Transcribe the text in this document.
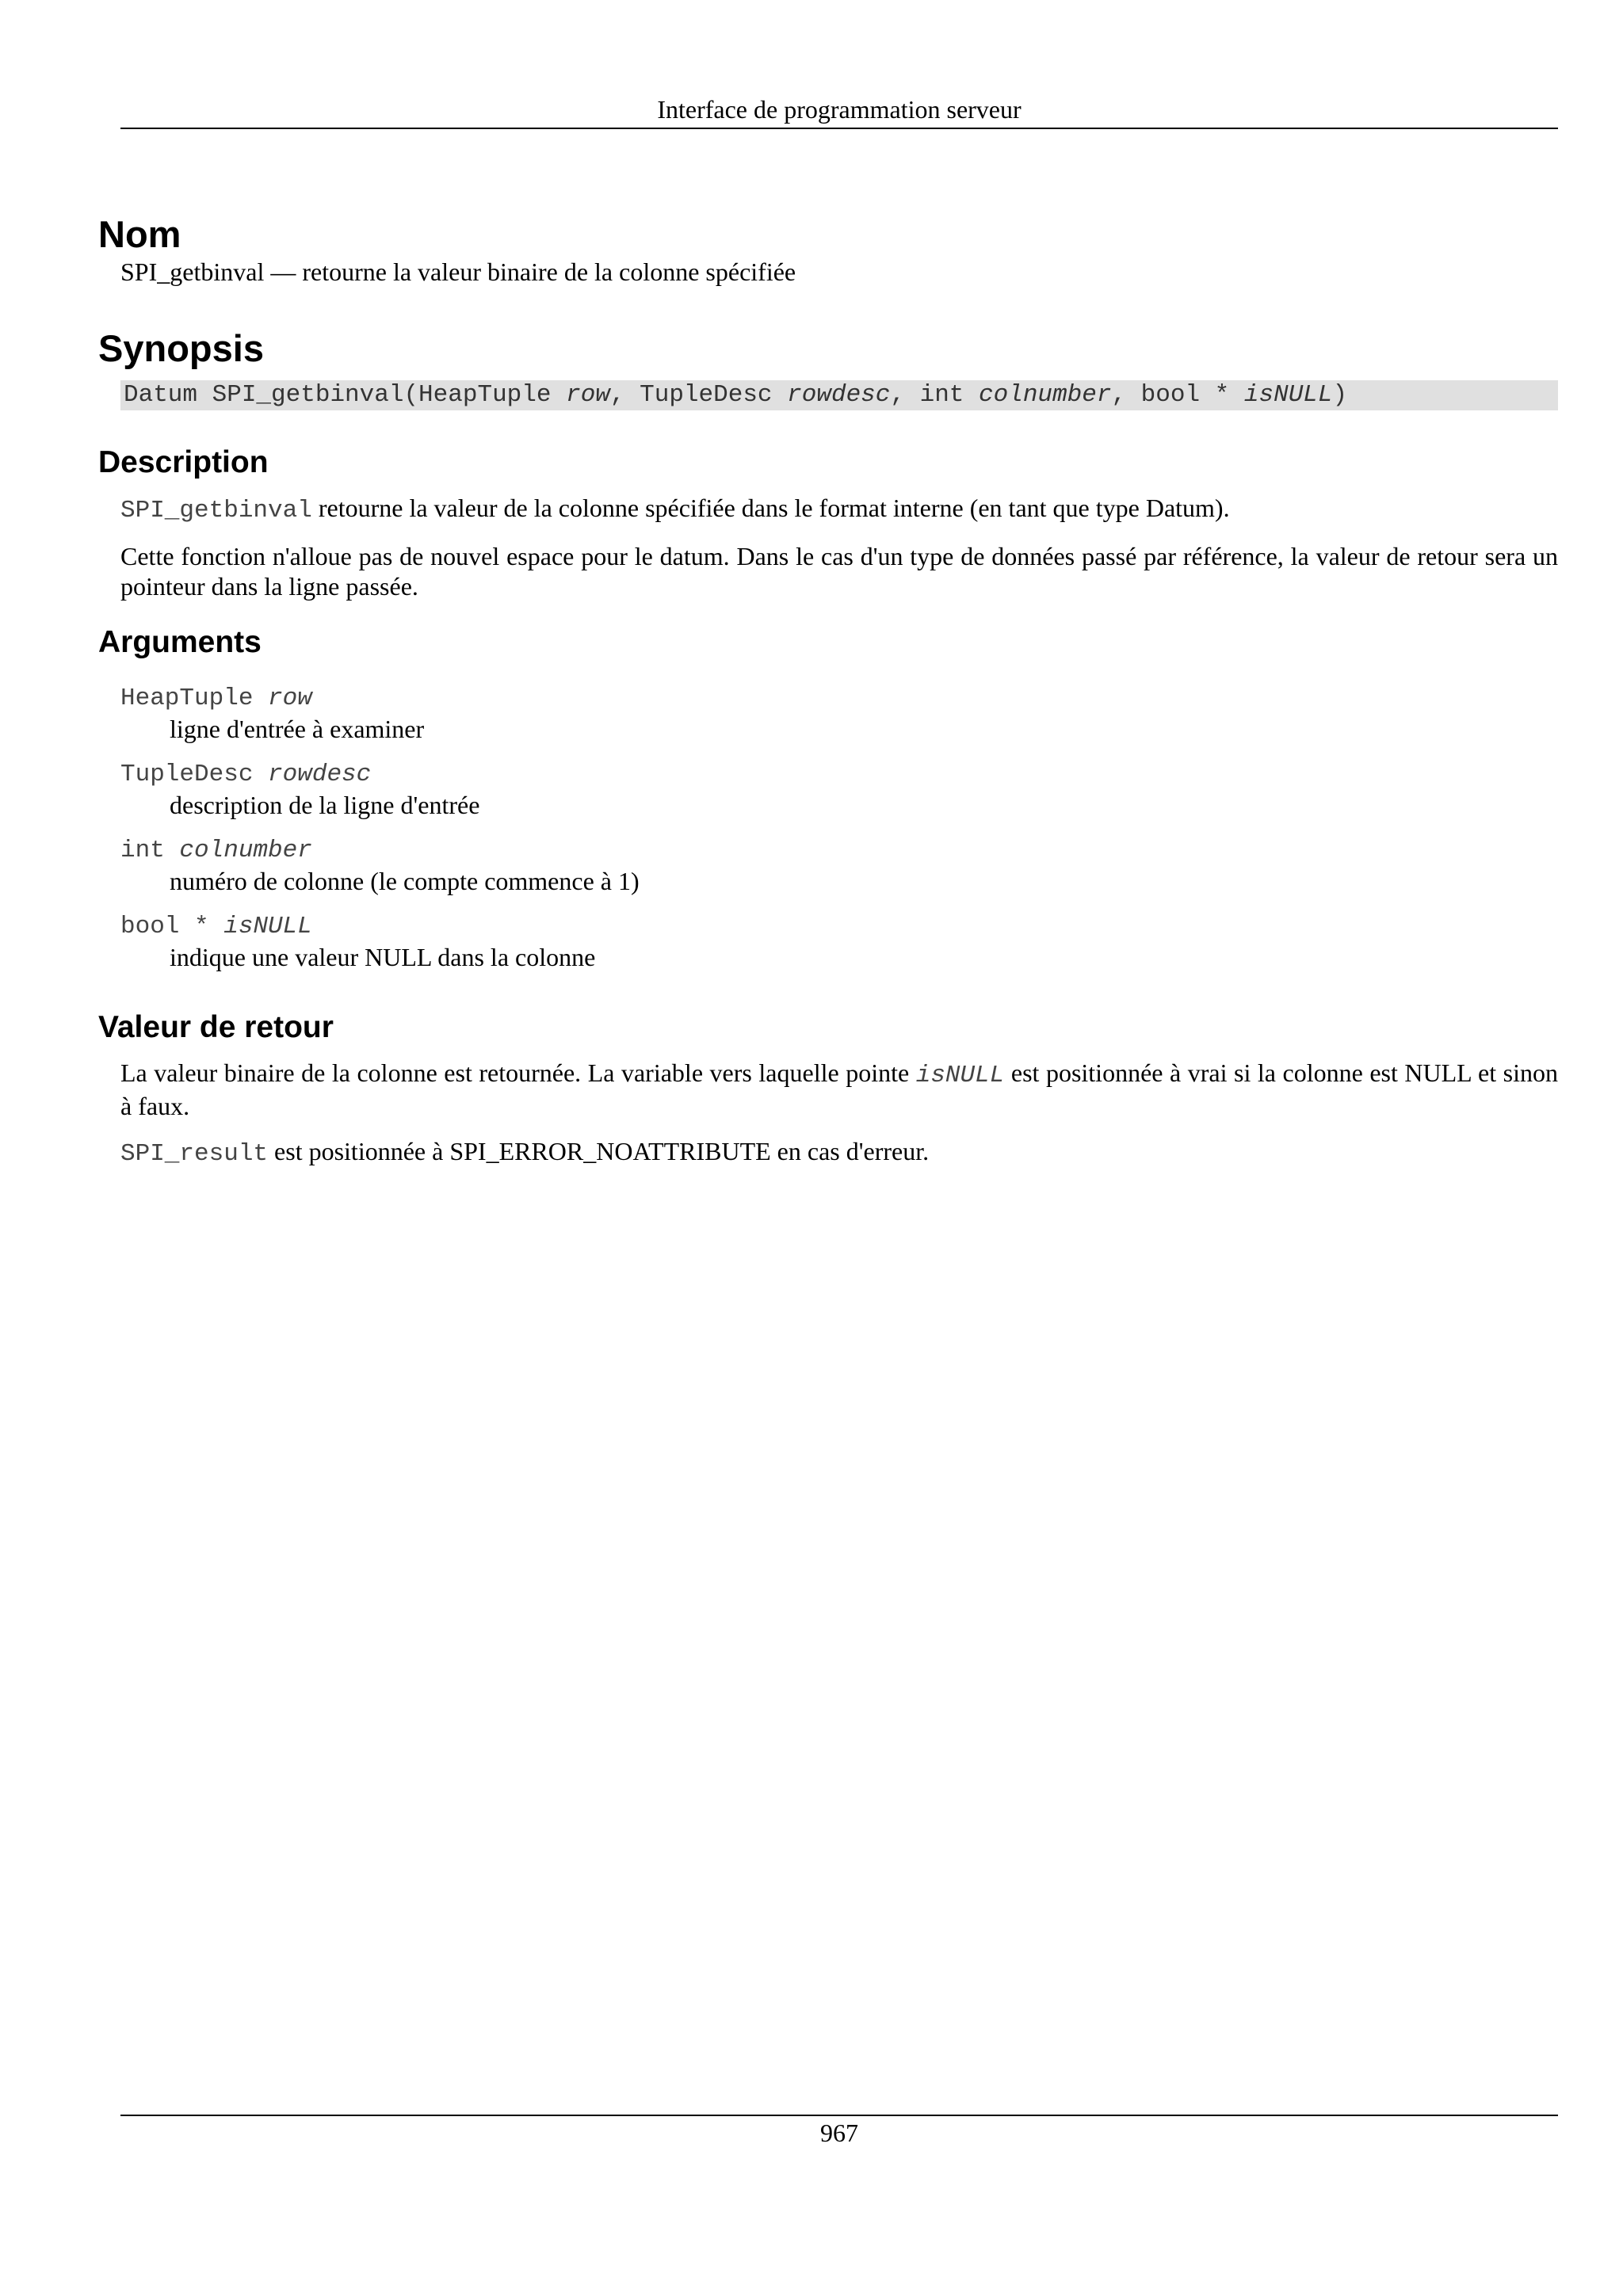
Interface de programmation serveur
Nom
SPI_getbinval — retourne la valeur binaire de la colonne spécifiée
Synopsis
Datum SPI_getbinval(HeapTuple row, TupleDesc rowdesc, int colnumber, bool * isNULL)
Description

SPI_getbinval retourne la valeur de la colonne spécifiée dans le format interne (en tant que type Datum).

Cette fonction n'alloue pas de nouvel espace pour le datum. Dans le cas d'un type de données passé par référence, la valeur de retour sera un pointeur dans la ligne passée.

Arguments
HeapTuple row
ligne d'entrée à examiner
TupleDesc rowdesc
description de la ligne d'entrée
int colnumber
numéro de colonne (le compte commence à 1)
bool * isNULL
indique une valeur NULL dans la colonne
Valeur de retour

La valeur binaire de la colonne est retournée. La variable vers laquelle pointe isNULL est positionnée à vrai si la colonne est NULL et sinon à faux.

SPI_result est positionnée à SPI_ERROR_NOATTRIBUTE en cas d'erreur.

967
